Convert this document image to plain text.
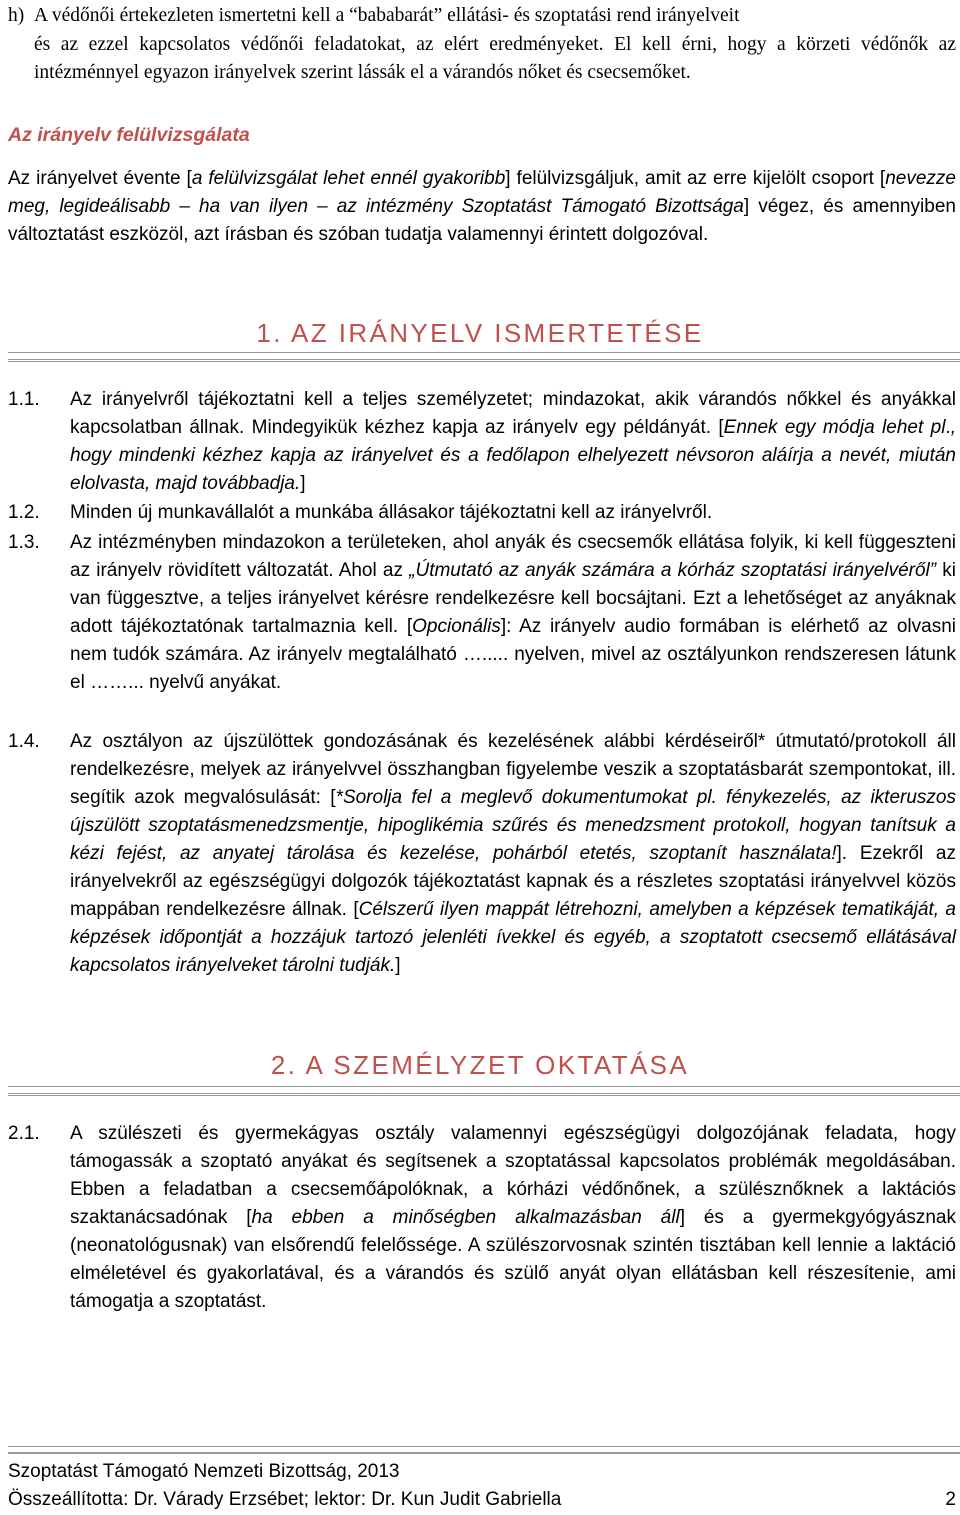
h) A védőnői értekezleten ismertetni kell a “bababarát” ellátási- és szoptatási rend irányelveit

és az ezzel kapcsolatos védőnői feladatokat, az elért eredményeket. El kell érni, hogy a körzeti védőnők az intézménnyel egyazon irányelvek szerint lássák el a várandós nőket és csecsemőket.

Az irányelv felülvizsgálata
Az irányelvet évente [a felülvizsgálat lehet ennél gyakoribb] felülvizsgáljuk, amit az erre kijelölt csoport [nevezze meg, legideálisabb – ha van ilyen – az intézmény Szoptatást Támogató Bizottsága] végez, és amennyiben változtatást eszközöl, azt írásban és szóban tudatja valamennyi érintett dolgozóval.
1. AZ IRÁNYELV ISMERTETÉSE
1.1.	Az irányelvről tájékoztatni kell a teljes személyzetet; mindazokat, akik várandós nőkkel és anyákkal kapcsolatban állnak. Mindegyikük kézhez kapja az irányelv egy példányát. [Ennek egy módja lehet pl., hogy mindenki kézhez kapja az irányelvet és a fedőlapon elhelyezett névsoron aláírja a nevét, miután elolvasta, majd továbbadja.]
1.2.	Minden új munkavállalót a munkába állásakor tájékoztatni kell az irányelvről.
1.3.	Az intézményben mindazokon a területeken, ahol anyák és csecsemők ellátása folyik, ki kell függeszteni az irányelv rövidített változatát. Ahol az „Útmutató az anyák számára a kórház szoptatási irányelvéről” ki van függesztve, a teljes irányelvet kérésre rendelkezésre kell bocsájtani. Ezt a lehetőséget az anyáknak adott tájékoztatónak tartalmaznia kell. [Opcionális]: Az irányelv audio formában is elérhető az olvasni nem tudók számára. Az irányelv megtalálható …..... nyelven, mivel az osztályunkon rendszeresen látunk el ……... nyelvű anyákat.
1.4.	Az osztályon az újszülöttek gondozásának és kezelésének alábbi kérdéseiről* útmutató/protokoll áll rendelkezésre, melyek az irányelvvel összhangban figyelembe veszik a szoptatásbarát szempontokat, ill. segítik azok megvalósulását: [*Sorolja fel a meglevő dokumentumokat pl. fénykezelés, az ikteruszos újszülött szoptatásmenedzsmentje, hipoglikémia szűrés és menedzsment protokoll, hogyan tanítsuk a kézi fejést, az anyatej tárolása és kezelése, pohárból etetés, szoptanít használata!]. Ezekről az irányelvekről az egészségügyi dolgozók tájékoztatást kapnak és a részletes szoptatási irányelvvel közös mappában rendelkezésre állnak. [Célszerű ilyen mappát létrehozni, amelyben a képzések tematikáját, a képzések időpontját a hozzájuk tartozó jelenléti ívekkel és egyéb, a szoptatott csecsemő ellátásával kapcsolatos irányelveket tárolni tudják.]
2. A SZEMÉLYZET OKTATÁSA
2.1.	A szülészeti és gyermekágyas osztály valamennyi egészségügyi dolgozójának feladata, hogy támogassák a szoptató anyákat és segítsenek a szoptatással kapcsolatos problémák megoldásában. Ebben a feladatban a csecsemőápolóknak, a kórházi védőnőnek, a szülésznőknek a laktációs szaktanácsadónak [ha ebben a minőségben alkalmazásban áll] és a gyermekgyógyásznak (neonatológusnak) van elsőrendű felelőssége. A szülészorvosnak szintén tisztában kell lennie a laktáció elméletével és gyakorlatával, és a várandós és szülő anyát olyan ellátásban kell részesítenie, ami támogatja a szoptatást.
Szoptatást Támogató Nemzeti Bizottság, 2013
Összeállította: Dr. Várady Erzsébet; lektor: Dr. Kun Judit Gabriella	2
